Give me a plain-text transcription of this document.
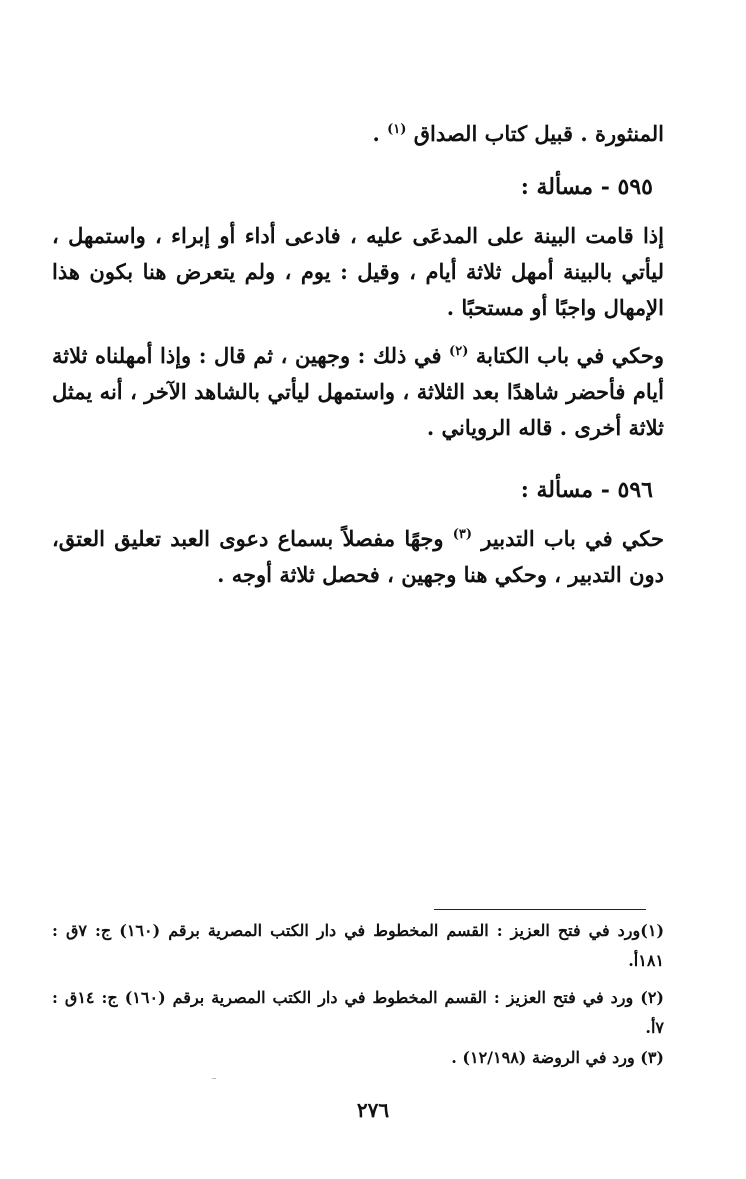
المنثورة . قبيل كتاب الصداق $^{(١)}$ .

٥٩٥ - مسألة :

إذا قامت البينة على المدعَى عليه ، فادعى أداء أو إبراء ، واستمهل ، ليأتي بالبينة أمهل ثلاثة أيام ، وقيل : يوم ، ولم يتعرض هنا بكون هذا الإمهال واجبًا أو مستحبًا .

وحكي في باب الكتابة $^{(٢)}$ في ذلك : وجهين ، ثم قال : وإذا أمهلناه ثلاثة أيام فأحضر شاهدًا بعد الثلاثة ، واستمهل ليأتي بالشاهد الآخر ، أنه يمثل ثلاثة أخرى . قاله الروياني .

٥٩٦ - مسألة :

حكي في باب التدبير $^{(٣)}$ وجهًا مفصلاً بسماع دعوى العبد تعليق العتق، دون التدبير ، وحكي هنا وجهين ، فحصل ثلاثة أوجه .

(١)ورد في فتح العزيز : القسم المخطوط في دار الكتب المصرية برقم (١٦٠) ج: ٧ق : ١٨١أ.

(٢) ورد في فتح العزيز : القسم المخطوط في دار الكتب المصرية برقم (١٦٠) ج: ١٤ق : ٧أ.

(٣) ورد في الروضة (١٢/١٩٨) .

٢٧٦
